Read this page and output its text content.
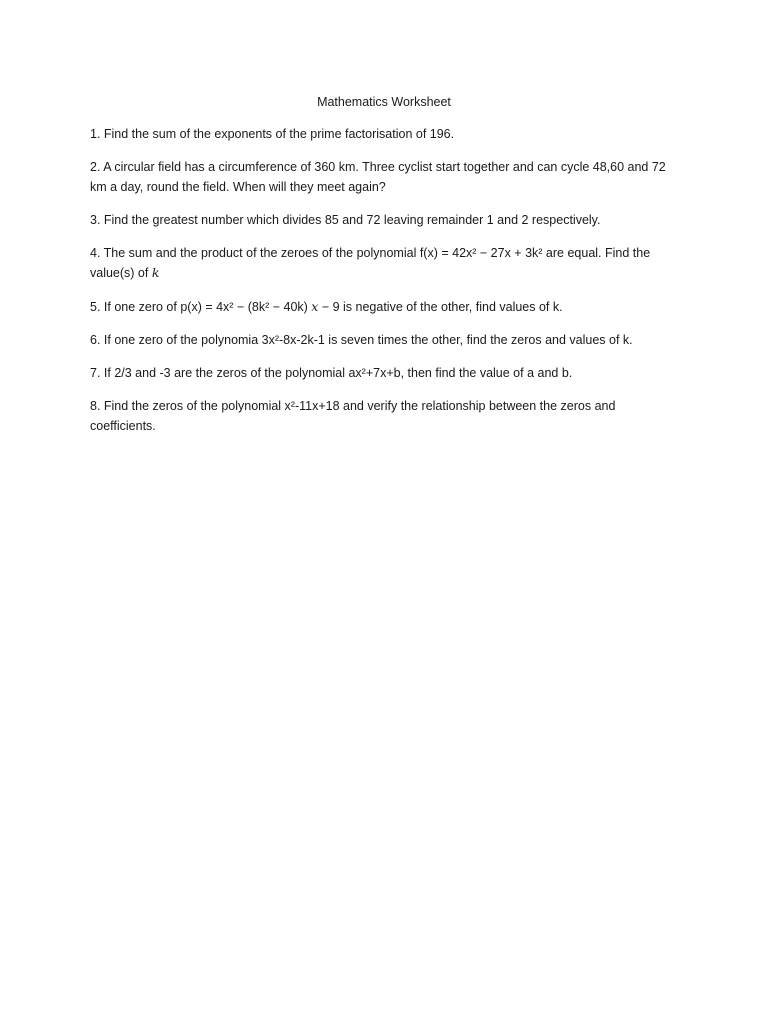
Mathematics Worksheet

1. Find the sum of the exponents of the prime factorisation of 196.

2. A circular field has a circumference of 360 km. Three cyclist start together and can cycle 48,60 and 72 km a day, round the field. When will they meet again?

3. Find the greatest number which divides 85 and 72 leaving remainder 1 and 2 respectively.

4. The sum and the product of the zeroes of the polynomial f(x) = 42x² − 27x + 3k² are equal. Find the value(s) of k

5. If one zero of p(x) = 4x² − (8k² − 40k) x − 9 is negative of the other, find values of k.

6. If one zero of the polynomia 3x²-8x-2k-1 is seven times the other, find the zeros and values of k.

7. If 2/3 and -3 are the zeros of the polynomial ax²+7x+b, then find the value of a and b.

8. Find the zeros of the polynomial x²-11x+18 and verify the relationship between the zeros and coefficients.
